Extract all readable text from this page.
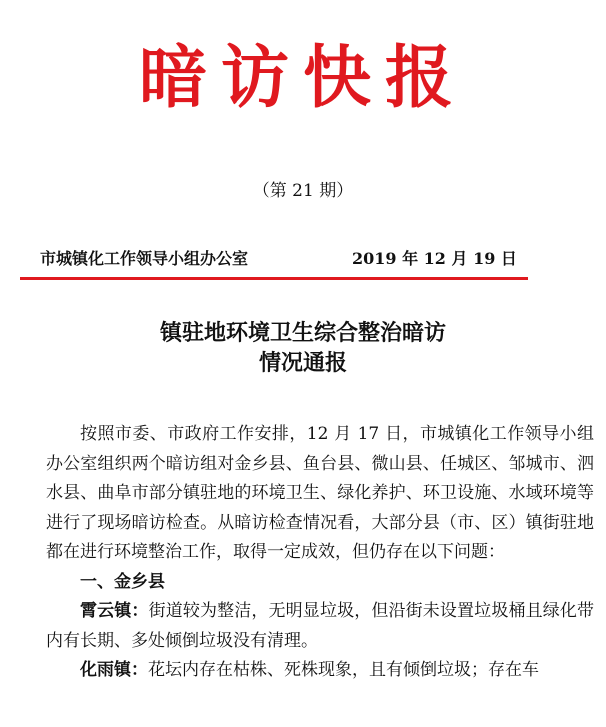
暗访快报
（第 21 期）
市城镇化工作领导小组办公室	2019 年 12 月 19 日
镇驻地环境卫生综合整治暗访
情况通报

按照市委、市政府工作安排，12 月 17 日，市城镇化工作领导小组办公室组织两个暗访组对金乡县、鱼台县、微山县、任城区、邹城市、泗水县、曲阜市部分镇驻地的环境卫生、绿化养护、环卫设施、水域环境等进行了现场暗访检查。从暗访检查情况看，大部分县（市、区）镇街驻地都在进行环境整治工作，取得一定成效，但仍存在以下问题：

一、金乡县

霄云镇：街道较为整洁，无明显垃圾，但沿街未设置垃圾桶且绿化带内有长期、多处倾倒垃圾没有清理。

化雨镇：花坛内存在枯株、死株现象，且有倾倒垃圾；存在车
